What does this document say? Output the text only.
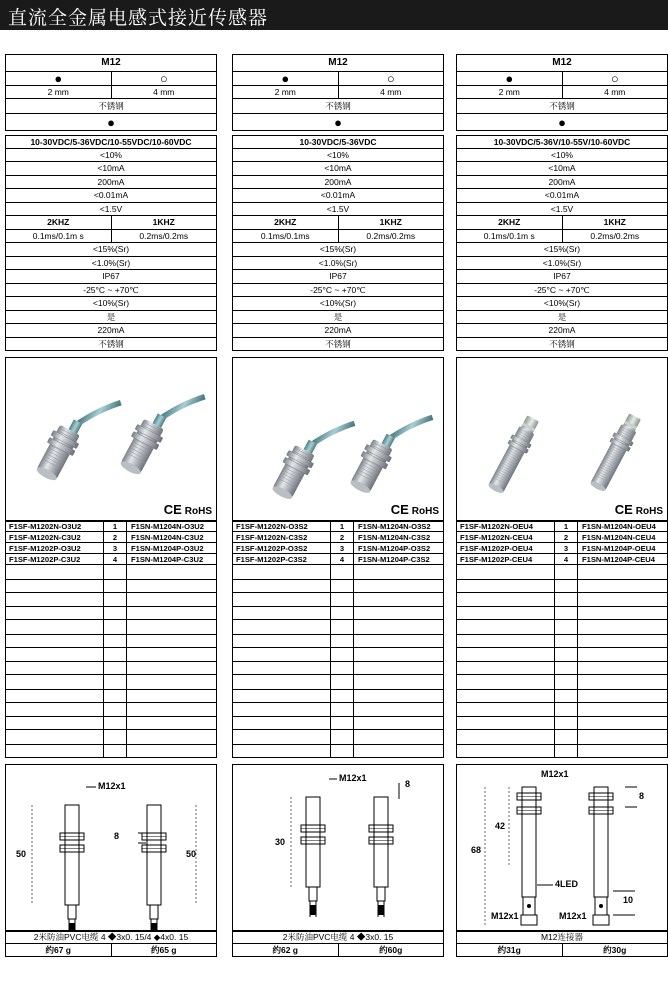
直流全金属电感式接近传感器
M12
●	○
2 mm	4 mm
不锈钢
●
10-30VDC/5-36VDC/10-55VDC/10-60VDC
<10%
<10mA
200mA
<0.01mA
<1.5V
2KHZ	1KHZ
0.1ms/0.1m s	0.2ms/0.2ms
<15%(Sr)
<1.0%(Sr)
IP67
-25°C ~ +70℃
<10%(Sr)
是
220mA
不锈钢
CE RoHS
F1SF-M1202N-O3U2	1	F1SN-M1204N-O3U2
F1SF-M1202N-C3U2	2	F1SN-M1204N-C3U2
F1SF-M1202P-O3U2	3	F1SN-M1204P-O3U2
F1SF-M1202P-C3U2	4	F1SN-M1204P-C3U2
M12x1
8
50	50
2米防油PVC电缆 4 ◆3x0. 15/4 ◆4x0. 15
约67 g	约65 g
M12
●	○
2 mm	4 mm
不锈钢
●
10-30VDC/5-36VDC
<10%
<10mA
200mA
<0.01mA
<1.5V
2KHZ	1KHZ
0.1ms/0.1ms	0.2ms/0.2ms
<15%(Sr)
<1.0%(Sr)
IP67
-25°C ~ +70℃
<10%(Sr)
是
220mA
不锈钢
CE RoHS
F1SF-M1202N-O3S2	1	F1SN-M1204N-O3S2
F1SF-M1202N-C3S2	2	F1SN-M1204N-C3S2
F1SF-M1202P-O3S2	3	F1SN-M1204P-O3S2
F1SF-M1202P-C3S2	4	F1SN-M1204P-C3S2
M12x1
8
30
2米防油PVC电缆 4 ◆3x0. 15
约62 g	约60g
M12
●	○
2 mm	4 mm
不锈钢
●
10-30VDC/5-36V/10-55V/10-60VDC
<10%
<10mA
200mA
<0.01mA
<1.5V
2KHZ	1KHZ
0.1ms/0.1m s	0.2ms/0.2ms
<15%(Sr)
<1.0%(Sr)
IP67
-25°C ~ +70℃
<10%(Sr)
是
220mA
不锈钢
CE RoHS
F1SF-M1202N-OEU4	1	F1SN-M1204N-OEU4
F1SF-M1202N-CEU4	2	F1SN-M1204N-CEU4
F1SF-M1202P-OEU4	3	F1SN-M1204P-OEU4
F1SF-M1202P-CEU4	4	F1SN-M1204P-CEU4
M12x1
68
42
8
4LED
10
M12x1	M12x1
M12连接器
约31g	约30g
